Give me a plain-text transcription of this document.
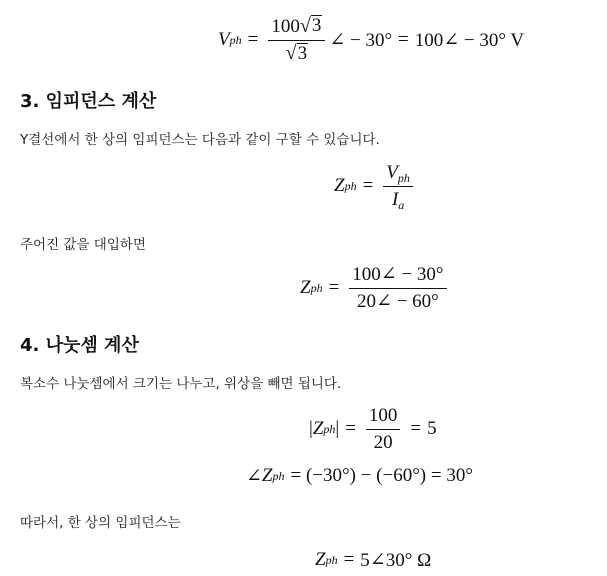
V ph = $\frac{100 √ 3}{√ 3}$ ∠ − 30° = 100∠ − 30° V
3. 임피던스 계산
Y결선에서 한 상의 임피던스는 다음과 같이 구할 수 있습니다.
Z ph = $\frac{V_{ph}}{I_a}$
주어진 값을 대입하면
Z ph = $\frac{100\angle - 30^\circ}{20\angle - 60^\circ}$
4. 나눗셈 계산
복소수 나눗셈에서 크기는 나누고, 위상을 빼면 됩니다.
| Z ph | = $\frac{100}{20} = 5$
∠ Z ph = (−30°) − (−60°) = 30°
따라서, 한 상의 임피던스는
Z ph = 5∠30° Ω
